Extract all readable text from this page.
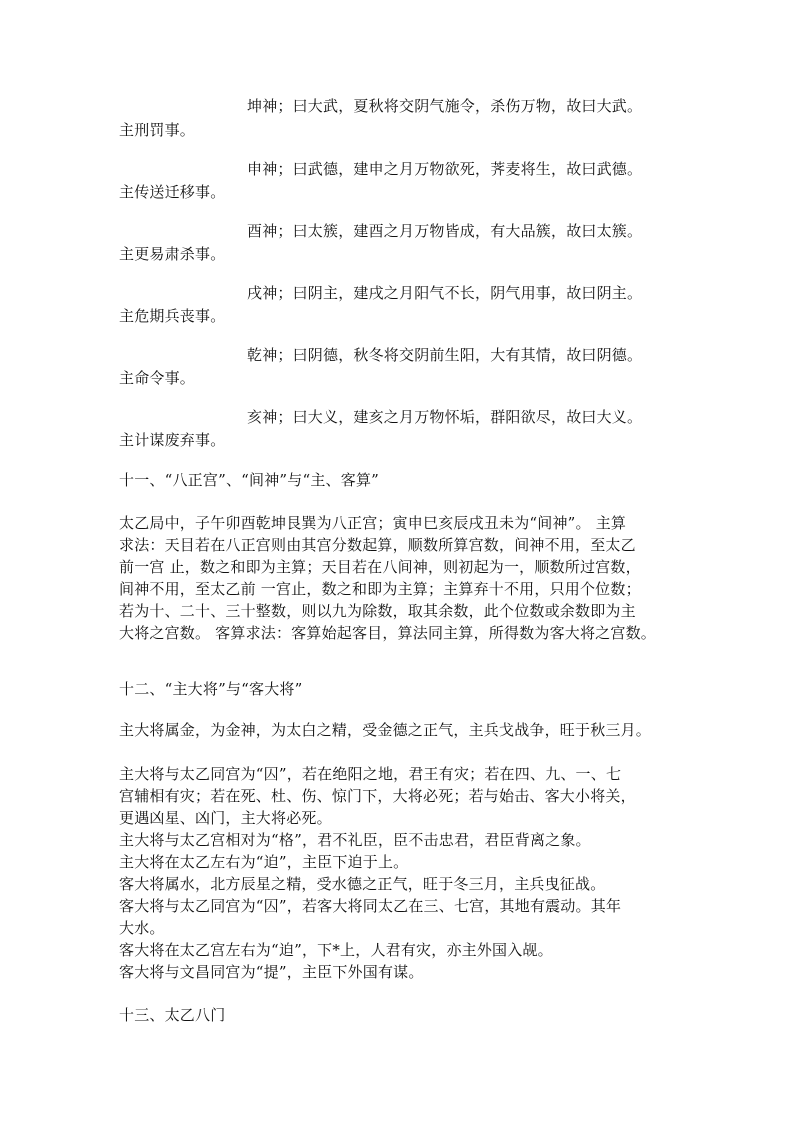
坤神；曰大武，夏秋将交阴气施令，杀伤万物，故曰大武。
主刑罚事。
申神；曰武德，建申之月万物欲死，荠麦将生，故曰武德。
主传送迁移事。
酉神；曰太簇，建酉之月万物皆成，有大品簇，故曰太簇。
主更易肃杀事。
戌神；曰阴主，建戌之月阳气不长，阴气用事，故曰阴主。
主危期兵丧事。
乾神；曰阴德，秋冬将交阴前生阳，大有其情，故曰阴德。
主命令事。
亥神；曰大义，建亥之月万物怀垢，群阳欲尽，故曰大义。
主计谋废弃事。
十一、“八正宫”、“间神”与“主、客算”
太乙局中，子午卯酉乾坤艮巽为八正宫；寅申巳亥辰戌丑未为“间神”。 主算
求法：天目若在八正宫则由其宫分数起算，顺数所算宫数，间神不用，至太乙
前一宫 止，数之和即为主算；天目若在八间神，则初起为一，顺数所过宫数，
间神不用，至太乙前 一宫止，数之和即为主算；主算弃十不用，只用个位数；
若为十、二十、三十整数，则以九为除数，取其余数，此个位数或余数即为主
大将之宫数。 客算求法：客算始起客目，算法同主算，所得数为客大将之宫数。
十二、“主大将”与“客大将”
主大将属金，为金神，为太白之精，受金德之正气，主兵戈战争，旺于秋三月。
主大将与太乙同宫为“囚”，若在绝阳之地，君王有灾；若在四、九、一、七
宫辅相有灾；若在死、杜、伤、惊门下，大将必死；若与始击、客大小将关，
更遇凶星、凶门，主大将必死。
主大将与太乙宫相对为“格”，君不礼臣，臣不击忠君，君臣背离之象。
主大将在太乙左右为“迫”，主臣下迫于上。
客大将属水，北方辰星之精，受水德之正气，旺于冬三月，主兵曳征战。
客大将与太乙同宫为“囚”，若客大将同太乙在三、七宫，其地有震动。其年
大水。
客大将在太乙宫左右为“迫”，下*上，人君有灾，亦主外国入觇。
客大将与文昌同宫为“提”，主臣下外国有谋。
十三、太乙八门
